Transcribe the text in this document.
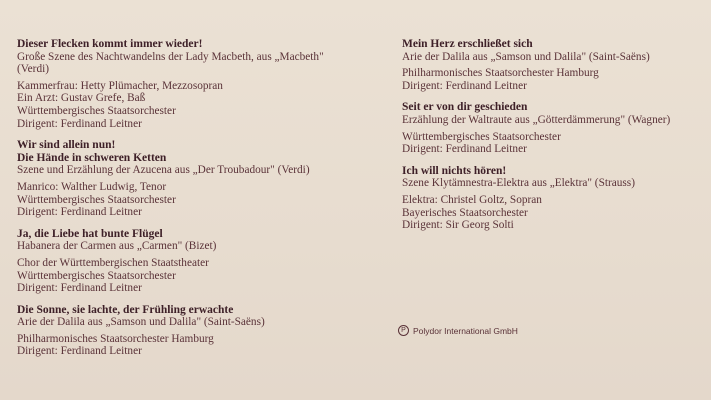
Dieser Flecken kommt immer wieder!
Große Szene des Nachtwandelns der Lady Macbeth, aus „Macbeth"
(Verdi)
Kammerfrau: Hetty Plümacher, Mezzosopran
Ein Arzt: Gustav Grefe, Baß
Württembergisches Staatsorchester
Dirigent: Ferdinand Leitner
Wir sind allein nun!
Die Hände in schweren Ketten
Szene und Erzählung der Azucena aus „Der Troubadour" (Verdi)
Manrico: Walther Ludwig, Tenor
Württembergisches Staatsorchester
Dirigent: Ferdinand Leitner
Ja, die Liebe hat bunte Flügel
Habanera der Carmen aus „Carmen" (Bizet)
Chor der Württembergischen Staatstheater
Württembergisches Staatsorchester
Dirigent: Ferdinand Leitner
Die Sonne, sie lachte, der Frühling erwachte
Arie der Dalila aus „Samson und Dalila" (Saint-Saëns)
Philharmonisches Staatsorchester Hamburg
Dirigent: Ferdinand Leitner
Mein Herz erschließet sich
Arie der Dalila aus „Samson und Dalila" (Saint-Saëns)
Philharmonisches Staatsorchester Hamburg
Dirigent: Ferdinand Leitner
Seit er von dir geschieden
Erzählung der Waltraute aus „Götterdämmerung" (Wagner)
Württembergisches Staatsorchester
Dirigent: Ferdinand Leitner
Ich will nichts hören!
Szene Klytämnestra-Elektra aus „Elektra" (Strauss)
Elektra: Christel Goltz, Sopran
Bayerisches Staatsorchester
Dirigent: Sir Georg Solti
P Polydor International GmbH
